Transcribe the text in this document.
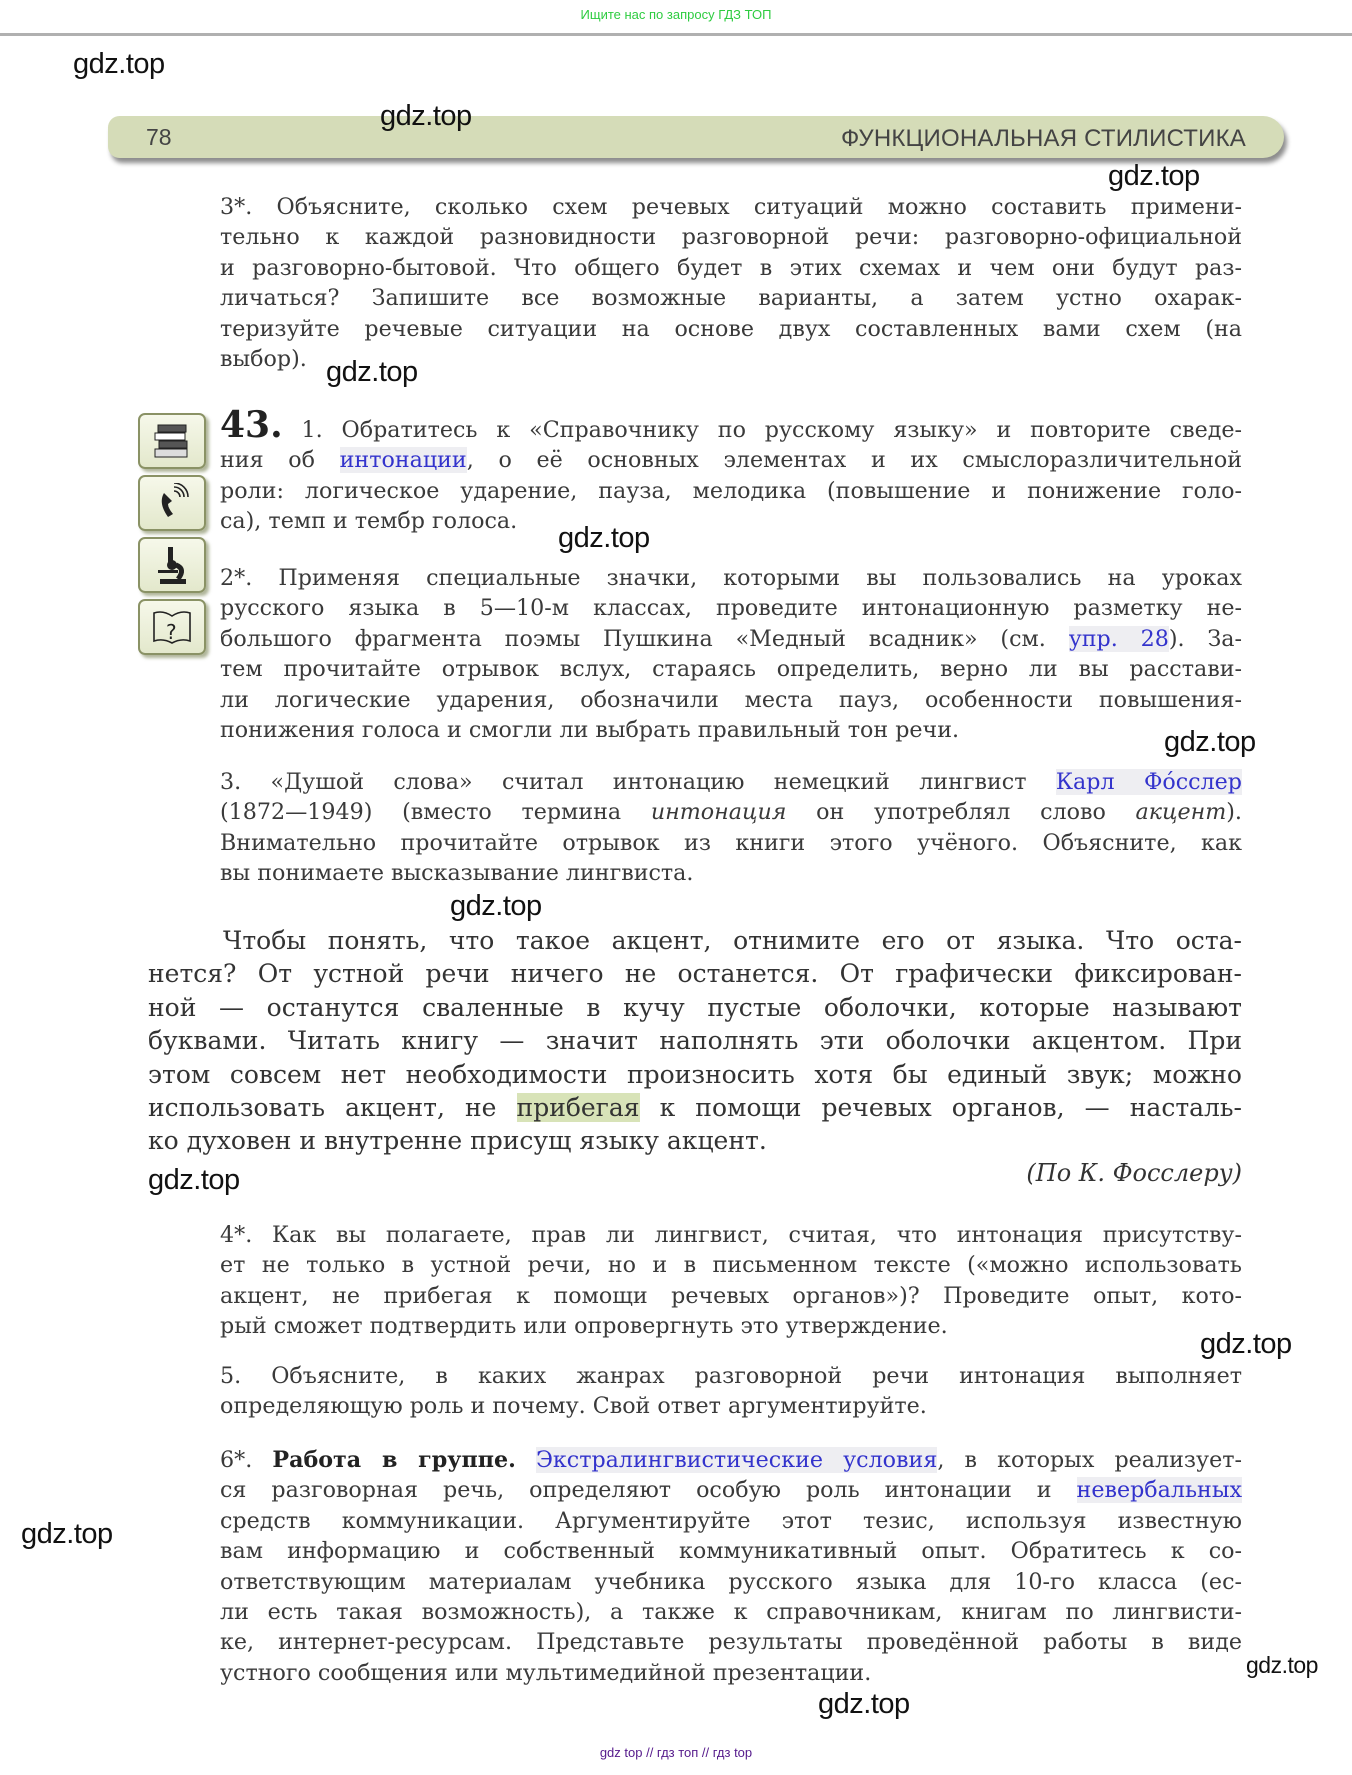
Ищите нас по запросу ГДЗ ТОП
78	ФУНКЦИОНАЛЬНАЯ СТИЛИСТИКА
gdz.top
gdz.top
gdz.top
gdz.top
gdz.top
gdz.top
gdz.top
gdz.top
gdz.top
gdz.top
gdz.top
gdz.top
3*. Объясните, сколько схем речевых ситуаций можно составить примени-
тельно к каждой разновидности разговорной речи: разговорно-официальной
и разговорно-бытовой. Что общего будет в этих схемах и чем они будут раз-
личаться? Запишите все возможные варианты, а затем устно охарак-
теризуйте речевые ситуации на основе двух составленных вами схем (на
выбор).
?
43. 1. Обратитесь к «Справочнику по русскому языку» и повторите сведе-
ния об интонации, о её основных элементах и их смыслоразличительной
роли: логическое ударение, пауза, мелодика (повышение и понижение голо-
са), темп и тембр голоса.
2*. Применяя специальные значки, которыми вы пользовались на уроках
русского языка в 5—10-м классах, проведите интонационную разметку не-
большого фрагмента поэмы Пушкина «Медный всадник» (см. упр. 28). За-
тем прочитайте отрывок вслух, стараясь определить, верно ли вы расстави-
ли логические ударения, обозначили места пауз, особенности повышения-
понижения голоса и смогли ли выбрать правильный тон речи.
3. «Душой слова» считал интонацию немецкий лингвист Карл Фóсслер
(1872—1949) (вместо термина интонация он употреблял слово акцент).
Внимательно прочитайте отрывок из книги этого учёного. Объясните, как
вы понимаете высказывание лингвиста.
Чтобы понять, что такое акцент, отнимите его от языка. Что оста-
нется? От устной речи ничего не останется. От графически фиксирован-
ной — останутся сваленные в кучу пустые оболочки, которые называют
буквами. Читать книгу — значит наполнять эти оболочки акцентом. При
этом совсем нет необходимости произносить хотя бы единый звук; можно
использовать акцент, не прибегая к помощи речевых органов, — насталь-
ко духовен и внутренне присущ языку акцент.
(По К. Фосслеру)
4*. Как вы полагаете, прав ли лингвист, считая, что интонация присутству-
ет не только в устной речи, но и в письменном тексте («можно использовать
акцент, не прибегая к помощи речевых органов»)? Проведите опыт, кото-
рый сможет подтвердить или опровергнуть это утверждение.
5. Объясните, в каких жанрах разговорной речи интонация выполняет
определяющую роль и почему. Свой ответ аргументируйте.
6*. Работа в группе. Экстралингвистические условия, в которых реализует-
ся разговорная речь, определяют особую роль интонации и невербальных
средств коммуникации. Аргументируйте этот тезис, используя известную
вам информацию и собственный коммуникативный опыт. Обратитесь к со-
ответствующим материалам учебника русского языка для 10-го класса (ес-
ли есть такая возможность), а также к справочникам, книгам по лингвисти-
ке, интернет-ресурсам. Представьте результаты проведённой работы в виде
устного сообщения или мультимедийной презентации.
gdz top // гдз топ // гдз top
